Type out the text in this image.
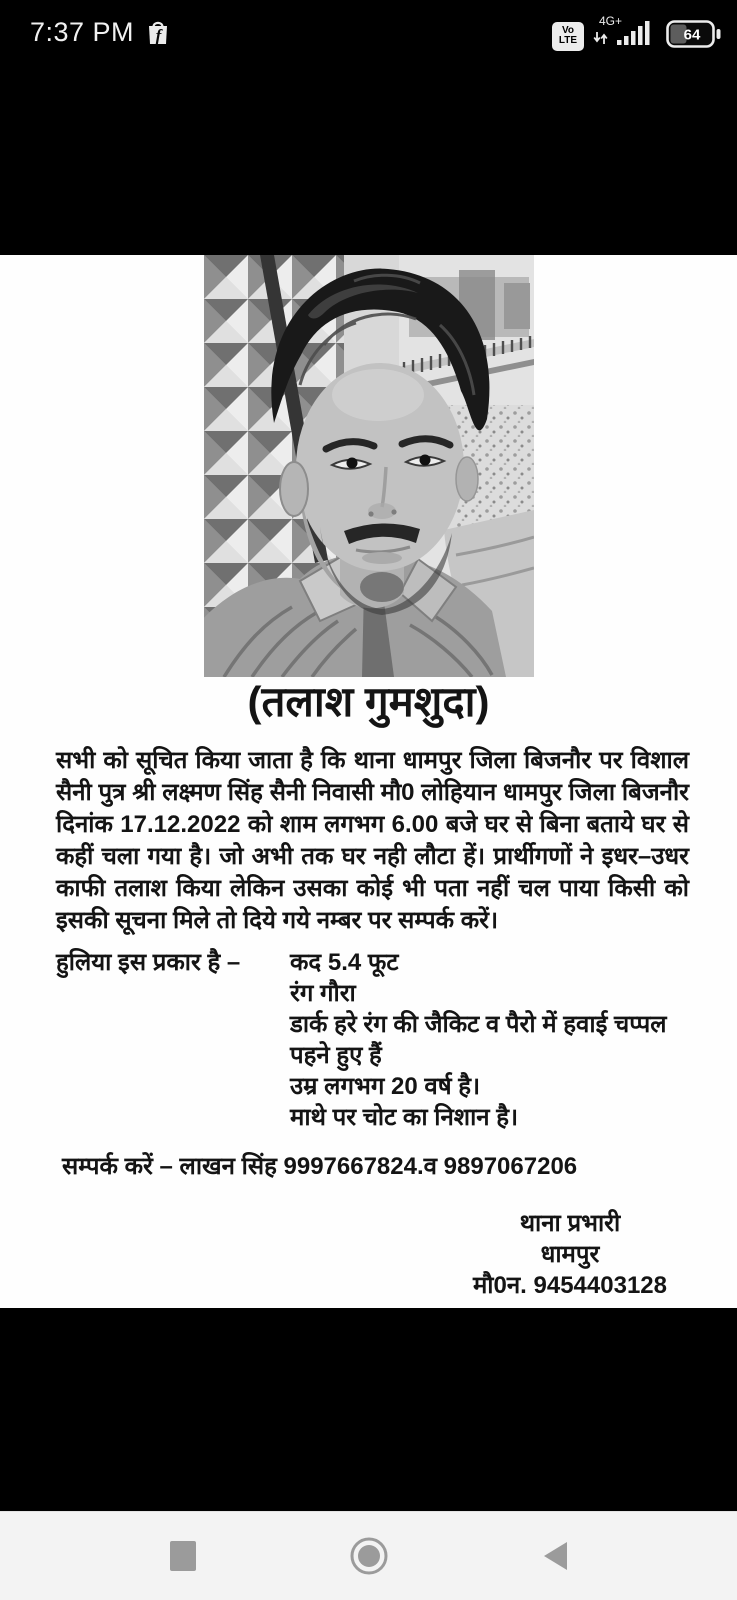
7:37 PM f	Vo
LTE
4G+
64
(तलाश गुमशुदा)
सभी को सूचित किया जाता है कि थाना धामपुर जिला बिजनौर पर विशाल
सैनी पुत्र श्री लक्ष्मण सिंह सैनी निवासी मौ0 लोहियान धामपुर जिला बिजनौर
दिनांक 17.12.2022 को शाम लगभग 6.00 बजे घर से बिना बताये घर से
कहीं चला गया है। जो अभी तक घर नही लौटा हें। प्रार्थीगणों ने इधर–उधर
काफी तलाश किया लेकिन उसका कोई भी पता नहीं चल पाया किसी को
इसकी सूचना मिले तो दिये गये नम्बर पर सम्पर्क करें।
हुलिया इस प्रकार है –	कद 5.4 फूट
रंग गौरा
डार्क हरे रंग की जैकिट व पैरो में हवाई चप्पल
पहने हुए हैं
उम्र लगभग 20 वर्ष है।
माथे पर चोट का निशान है।
सम्पर्क करें – लाखन सिंह 9997667824.व 9897067206
थाना प्रभारी
धामपुर
मौ0न. 9454403128
